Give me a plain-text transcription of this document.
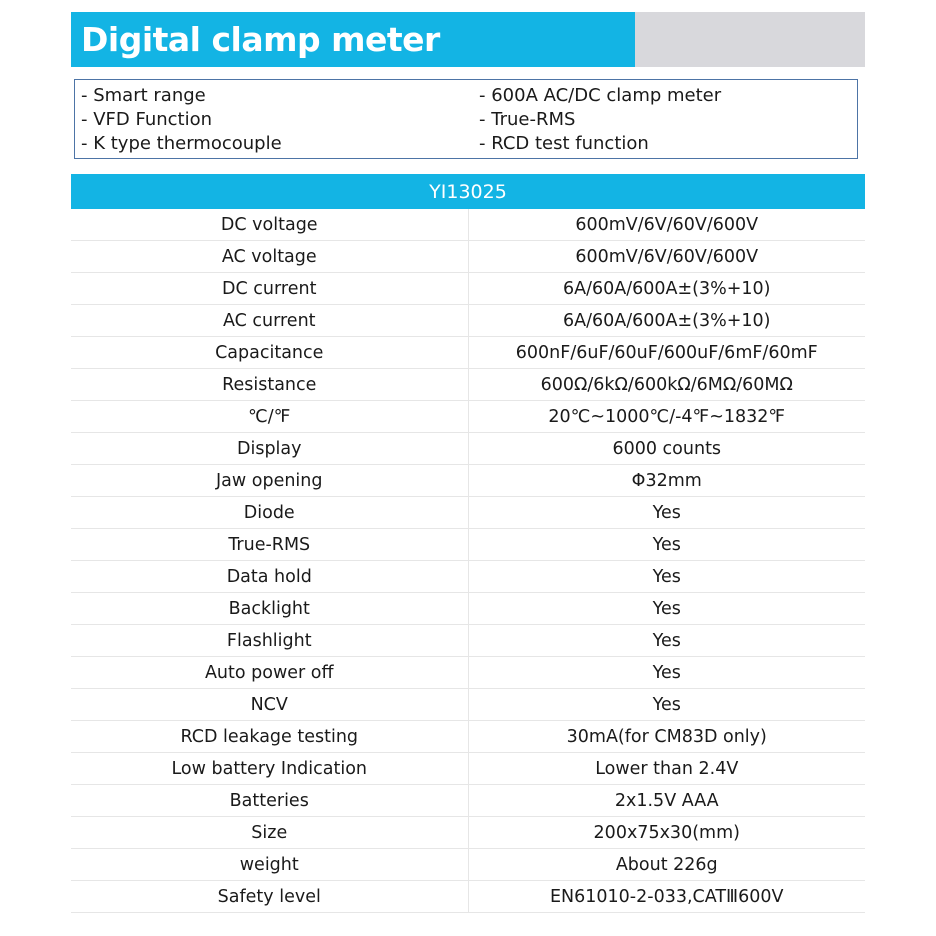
Digital clamp meter
- Smart range
- VFD Function
- K type thermocouple
- 600A AC/DC clamp meter
- True-RMS
- RCD test function
YI13025	
DC voltage	600mV/6V/60V/600V
AC voltage	600mV/6V/60V/600V
DC current	6A/60A/600A±(3%+10)
AC current	6A/60A/600A±(3%+10)
Capacitance	600nF/6uF/60uF/600uF/6mF/60mF
Resistance	600Ω/6kΩ/600kΩ/6MΩ/60MΩ
℃/℉	20℃~1000℃/-4℉~1832℉
Display	6000 counts
Jaw opening	Φ32mm
Diode	Yes
True-RMS	Yes
Data hold	Yes
Backlight	Yes
Flashlight	Yes
Auto power off	Yes
NCV	Yes
RCD leakage testing	30mA(for CM83D only)
Low battery Indication	Lower than 2.4V
Batteries	2x1.5V AAA
Size	200x75x30(mm)
weight	About 226g
Safety level	EN61010-2-033,CATⅢ600V
